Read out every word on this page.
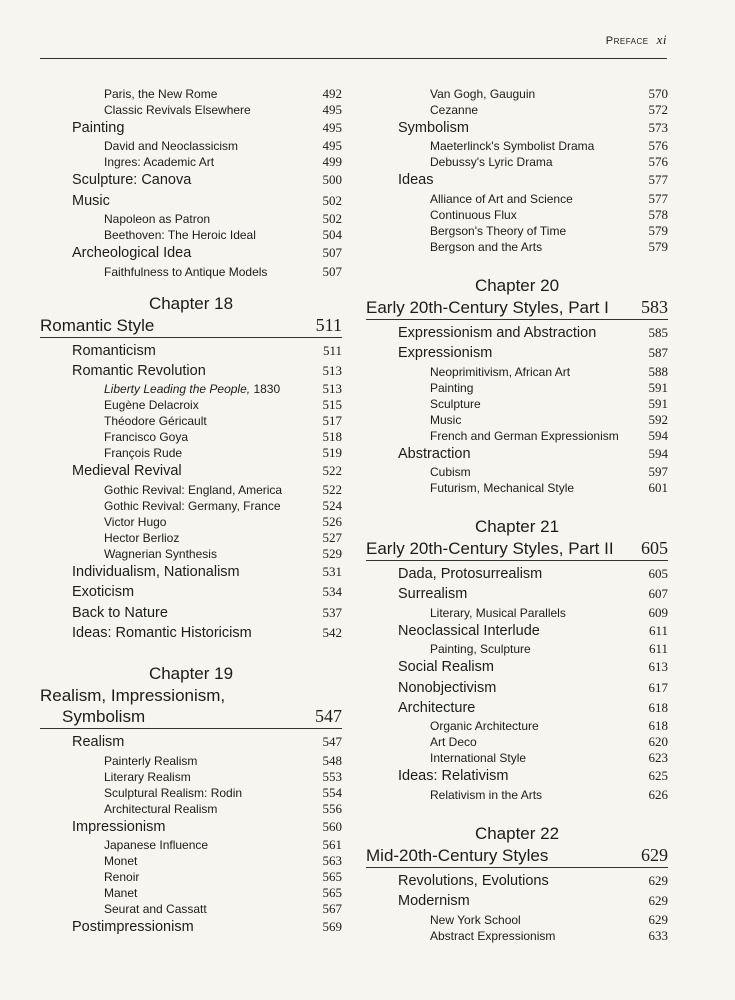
Preface xi
Paris, the New Rome	492
Classic Revivals Elsewhere	495
Painting	495
David and Neoclassicism	495
Ingres: Academic Art	499
Sculpture: Canova	500
Music	502
Napoleon as Patron	502
Beethoven: The Heroic Ideal	504
Archeological Idea	507
Faithfulness to Antique Models	507
Chapter 18
Romantic Style	511
Romanticism	511
Romantic Revolution	513
Liberty Leading the People, 1830	513
Eugène Delacroix	515
Théodore Géricault	517
Francisco Goya	518
François Rude	519
Medieval Revival	522
Gothic Revival: England, America	522
Gothic Revival: Germany, France	524
Victor Hugo	526
Hector Berlioz	527
Wagnerian Synthesis	529
Individualism, Nationalism	531
Exoticism	534
Back to Nature	537
Ideas: Romantic Historicism	542
Chapter 19
Realism, Impressionism,
Symbolism	547
Realism	547
Painterly Realism	548
Literary Realism	553
Sculptural Realism: Rodin	554
Architectural Realism	556
Impressionism	560
Japanese Influence	561
Monet	563
Renoir	565
Manet	565
Seurat and Cassatt	567
Postimpressionism	569
Van Gogh, Gauguin	570
Cezanne	572
Symbolism	573
Maeterlinck's Symbolist Drama	576
Debussy's Lyric Drama	576
Ideas	577
Alliance of Art and Science	577
Continuous Flux	578
Bergson's Theory of Time	579
Bergson and the Arts	579
Chapter 20
Early 20th-Century Styles, Part I 583
Expressionism and Abstraction	585
Expressionism	587
Neoprimitivism, African Art	588
Painting	591
Sculpture	591
Music	592
French and German Expressionism 594
Abstraction	594
Cubism	597
Futurism, Mechanical Style	601
Chapter 21
Early 20th-Century Styles, Part II 605
Dada, Protosurrealism	605
Surrealism	607
Literary, Musical Parallels	609
Neoclassical Interlude	611
Painting, Sculpture	611
Social Realism	613
Nonobjectivism	617
Architecture	618
Organic Architecture	618
Art Deco	620
International Style	623
Ideas: Relativism	625
Relativism in the Arts	626
Chapter 22
Mid-20th-Century Styles	629
Revolutions, Evolutions	629
Modernism	629
New York School	629
Abstract Expressionism	633
